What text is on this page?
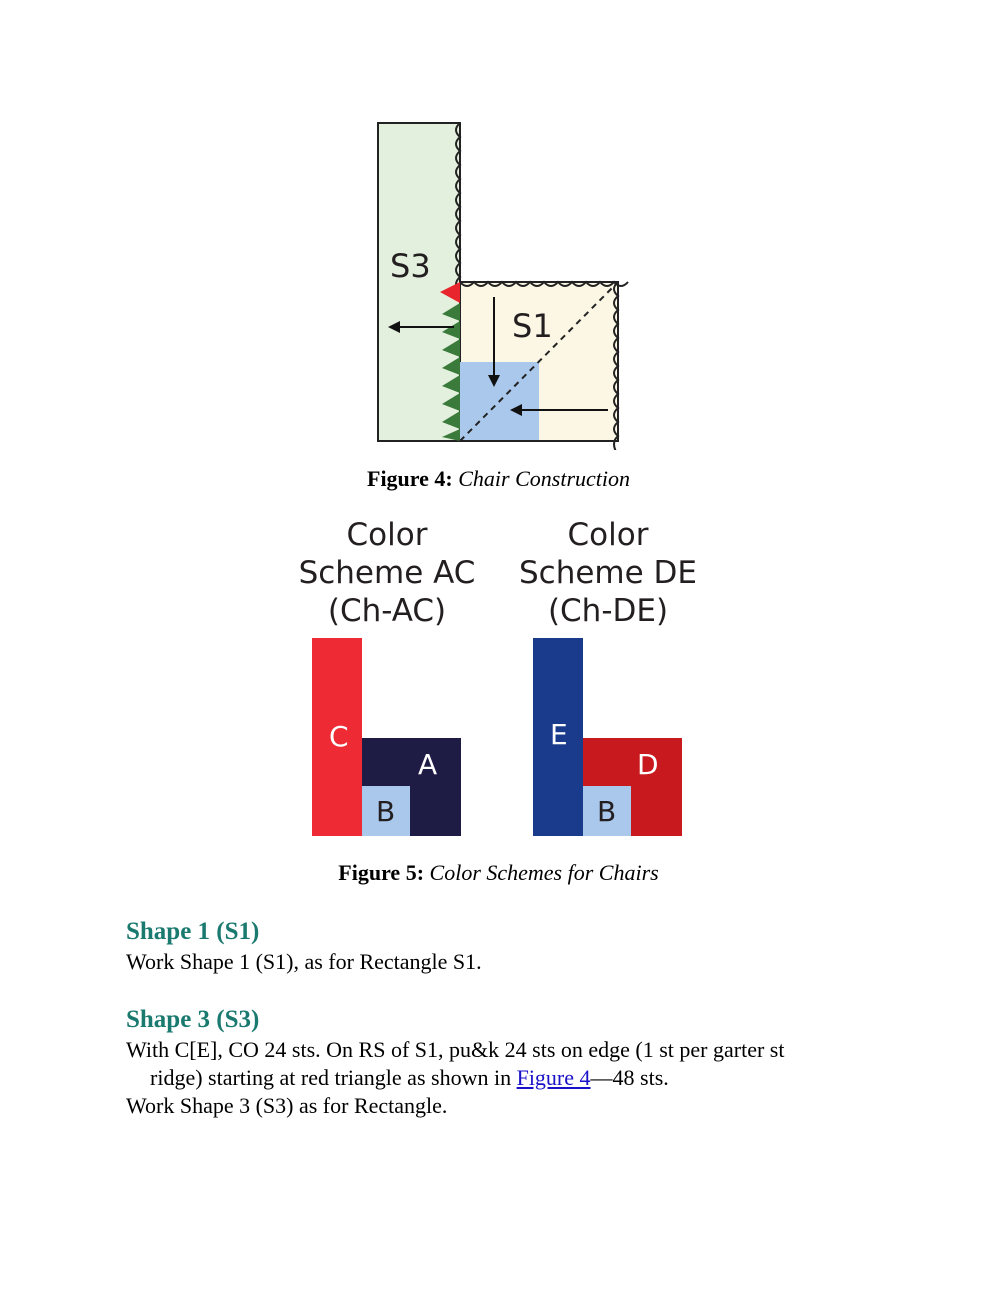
S3
S1
Figure 4: Chair Construction
Color
Scheme AC
(Ch-AC)
Color
Scheme DE
(Ch-DE)
C
A
B
E
D
B
Figure 5: Color Schemes for Chairs
Shape 1 (S1)
Work Shape 1 (S1), as for Rectangle S1.
Shape 3 (S3)
With C[E], CO 24 sts. On RS of S1, pu&k 24 sts on edge (1 st per garter st
ridge) starting at red triangle as shown in Figure 4—48 sts.
Work Shape 3 (S3) as for Rectangle.
